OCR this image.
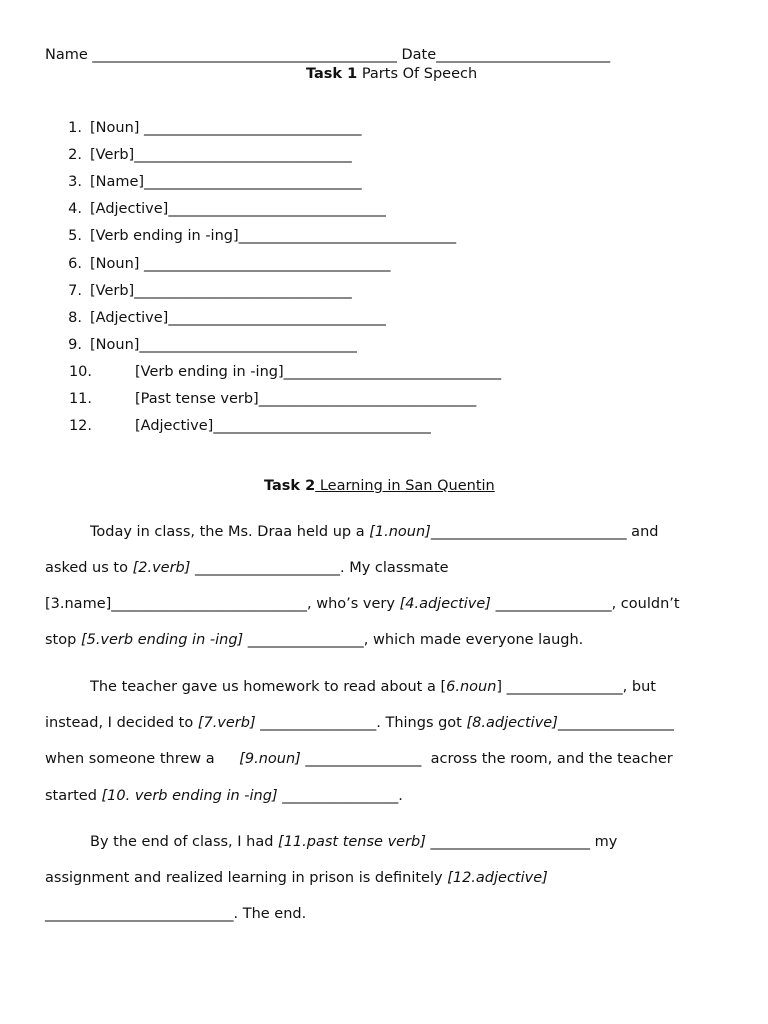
Name __________________________________________ Date________________________
Task 1 Parts Of Speech
1. [Noun] ______________________________
2. [Verb]______________________________
3. [Name]______________________________
4. [Adjective]______________________________
5. [Verb ending in -ing]______________________________
6. [Noun] __________________________________
7. [Verb]______________________________
8. [Adjective]______________________________
9. [Noun]______________________________
10.	[Verb ending in -ing]______________________________
11.	[Past tense verb]______________________________
12.	[Adjective]______________________________
Task 2 Learning in San Quentin
Today in class, the Ms. Draa held up a [1.noun]___________________________ and
asked us to [2.verb] ____________________. My classmate
[3.name]___________________________, who’s very [4.adjective] ________________, couldn’t
stop [5.verb ending in -ing] ________________, which made everyone laugh.
The teacher gave us homework to read about a [6.noun] ________________, but
instead, I decided to [7.verb] ________________. Things got [8.adjective]________________
when someone threw a [9.noun] ________________  across the room, and the teacher
started [10. verb ending in -ing] ________________.
By the end of class, I had [11.past tense verb] ______________________ my
assignment and realized learning in prison is definitely [12.adjective]
__________________________. The end.
